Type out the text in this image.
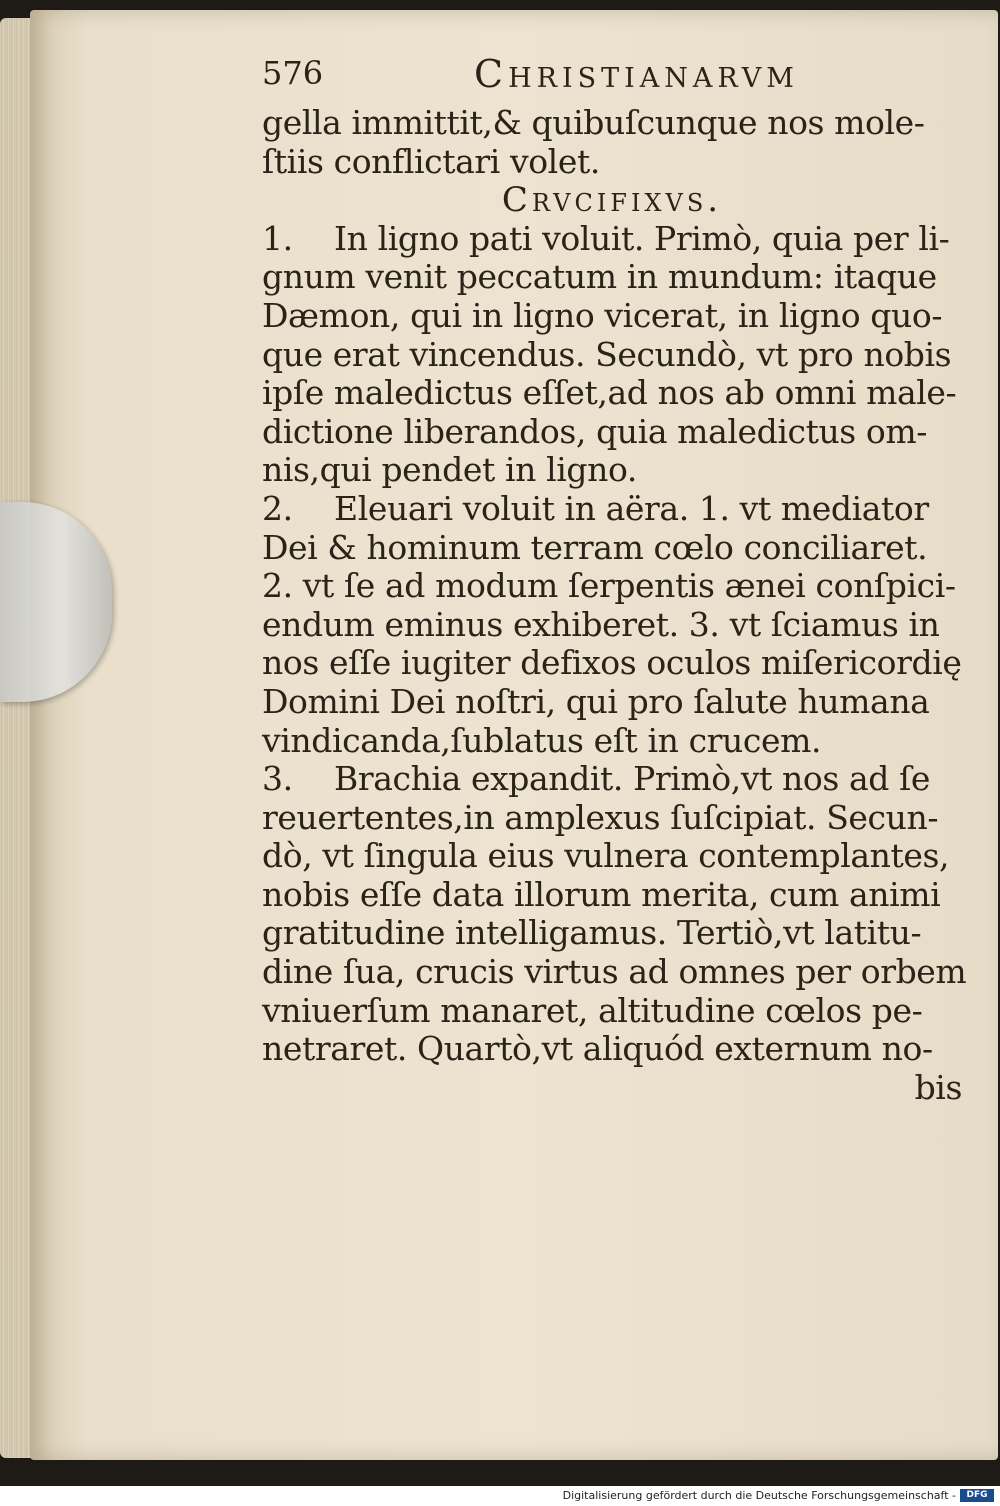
576	Christianarvm
gella immittit,& quibuſcunque nos mole-
ſtiis conflictari volet.
Crvcifixvs.
1. In ligno pati voluit. Primò, quia per li-
gnum venit peccatum in mundum: itaque
Dæmon, qui in ligno vicerat, in ligno quo-
que erat vincendus. Secundò, vt pro nobis
ipſe maledictus eſſet,ad nos ab omni male-
dictione liberandos, quia maledictus om-
nis,qui pendet in ligno.
2. Eleuari voluit in aëra. 1. vt mediator
Dei & hominum terram cœlo conciliaret.
2. vt ſe ad modum ſerpentis ænei conſpici-
endum eminus exhiberet. 3. vt ſciamus in
nos eſſe iugiter defixos oculos miſericordię
Domini Dei noſtri, qui pro ſalute humana
vindicanda,ſublatus eſt in crucem.
3. Brachia expandit. Primò,vt nos ad ſe
reuertentes,in amplexus ſuſcipiat. Secun-
dò, vt ſingula eius vulnera contemplantes,
nobis eſſe data illorum merita, cum animi
gratitudine intelligamus. Tertiò,vt latitu-
dine ſua, crucis virtus ad omnes per orbem
vniuerſum manaret, altitudine cœlos pe-
netraret. Quartò,vt aliquód externum no-
bis
Digitalisierung gefördert durch die Deutsche Forschungsgemeinschaft -	DFG
